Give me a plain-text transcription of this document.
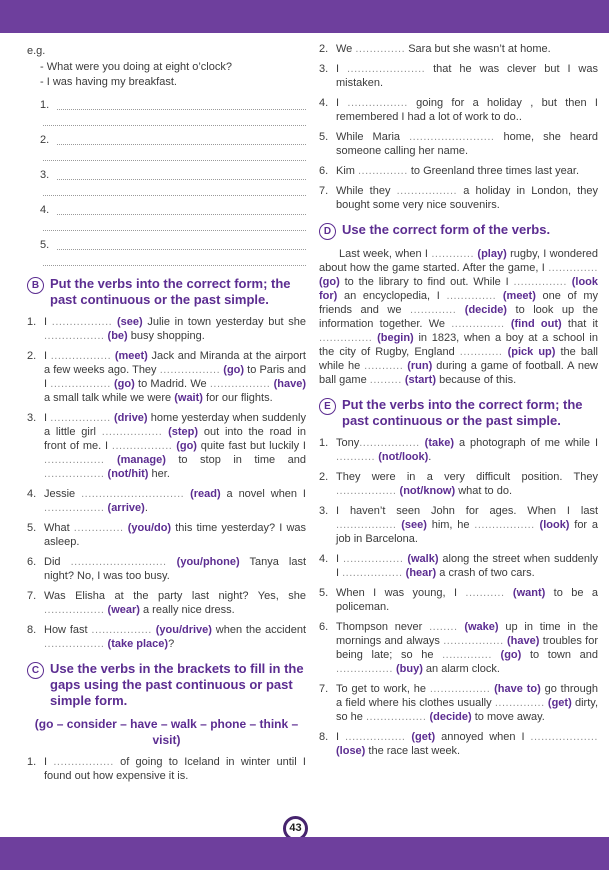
e.g.
- What were you doing at eight o’clock?
- I was having my breakfast.
1.
2.
3.
4.
5.
B Put the verbs into the correct form; the past continuous or the past simple.
1. I ................. (see) Julie in town yesterday but she ................. (be) busy shopping.
2. I ................. (meet) Jack and Miranda at the airport a few weeks ago. They ................. (go) to Paris and I ................. (go) to Madrid. We ................. (have) a small talk while we were (wait) for our flights.
3. I ................. (drive) home yesterday when suddenly a little girl ................. (step) out into the road in front of me. I ................. (go) quite fast but luckily I ................. (manage) to stop in time and ................. (not/hit) her.
4. Jessie ............................. (read) a novel when I ................. (arrive).
5. What .............. (you/do) this time yesterday? I was asleep.
6. Did ........................... (you/phone) Tanya last night? No, I was too busy.
7. Was Elisha at the party last night? Yes, she ................. (wear) a really nice dress.
8. How fast ................. (you/drive) when the accident ................. (take place)?
C Use the verbs in the brackets to fill in the gaps using the past continuous or past simple form.
(go – consider – have – walk – phone – think – visit)
1. I ................. of going to Iceland in winter until I found out how expensive it is.
2. We .............. Sara but she wasn’t at home.
3. I ...................... that he was clever but I was mistaken.
4. I ................. going for a holiday , but then I remembered I had a lot of work to do..
5. While Maria ........................ home, she heard someone calling her name.
6. Kim .............. to Greenland three times last year.
7. While they ................. a holiday in London, they bought some very nice souvenirs.
D Use the correct form of the verbs.
Last week, when I ............ (play) rugby, I wondered about how the game started. After the game, I .............. (go) to the library to find out. While I ............... (look for) an encyclopedia, I .............. (meet) one of my friends and we ............. (decide) to look up the information together. We ............... (find out) that it ............... (begin) in 1823, when a boy at a school in the city of Rugby, England ............ (pick up) the ball while he ........... (run) during a game of football. A new ball game ......... (start) because of this.
E Put the verbs into the correct form; the past continuous or the past simple.
1. Tony................. (take) a photograph of me while I ........... (not/look).
2. They were in a very difficult position. They ................. (not/know) what to do.
3. I haven’t seen John for ages. When I last ................. (see) him, he ................. (look) for a job in Barcelona.
4. I ................. (walk) along the street when suddenly I ................. (hear) a crash of two cars.
5. When I was young, I ........... (want) to be a policeman.
6. Thompson never ........ (wake) up in time in the mornings and always ................. (have) troubles for being late; so he .............. (go) to town and ................ (buy) an alarm clock.
7. To get to work, he ................. (have to) go through a field where his clothes usually .............. (get) dirty, so he ................. (decide) to move away.
8. I ................. (get) annoyed when I ................... (lose) the race last week.
43
